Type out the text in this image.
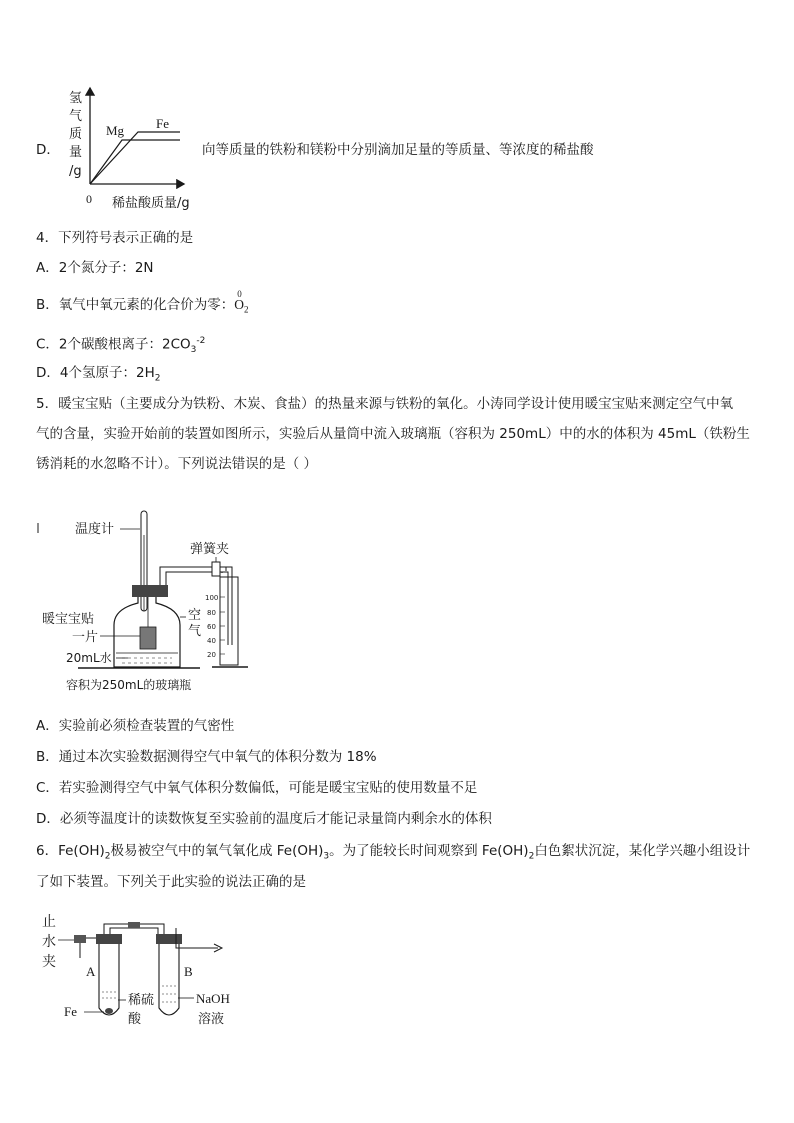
D．
氢
气
质
量
/g
Mg Fe
0 稀盐酸质量/g
向等质量的铁粉和镁粉中分别滴加足量的等质量、等浓度的稀盐酸
4．下列符号表示正确的是
A．2个氮分子：2N
B．氧气中氧元素的化合价为零：
0
$O_2$
C．2个碳酸根离子：$2CO_3^{-2}$
D．4个氢原子：$2H_2$
5．暖宝宝贴（主要成分为铁粉、木炭、食盐）的热量来源与铁粉的氧化。小涛同学设计使用暖宝宝贴来测定空气中氧
气的含量，实验开始前的装置如图所示，实验后从量筒中流入玻璃瓶（容积为 250mL）中的水的体积为 45mL（铁粉生
锈消耗的水忽略不计）。下列说法错误的是（ ）
温度计
弹簧夹
100
80
60
40
20
空
气
暖宝宝贴
一片
20mL水
容积为250mL的玻璃瓶
A．实验前必须检查装置的气密性
B．通过本次实验数据测得空气中氧气的体积分数为 18%
C．若实验测得空气中氧气体积分数偏低，可能是暖宝宝贴的使用数量不足
D．必须等温度计的读数恢复至实验前的温度后才能记录量筒内剩余水的体积
6．$Fe(OH)_2$极易被空气中的氧气氧化成 $Fe(OH)_3$。为了能较长时间观察到 $Fe(OH)_2$白色絮状沉淀，某化学兴趣小组设计
了如下装置。下列关于此实验的说法正确的是
止
水
夹
A	B
Fe
稀硫
酸
NaOH
溶液
